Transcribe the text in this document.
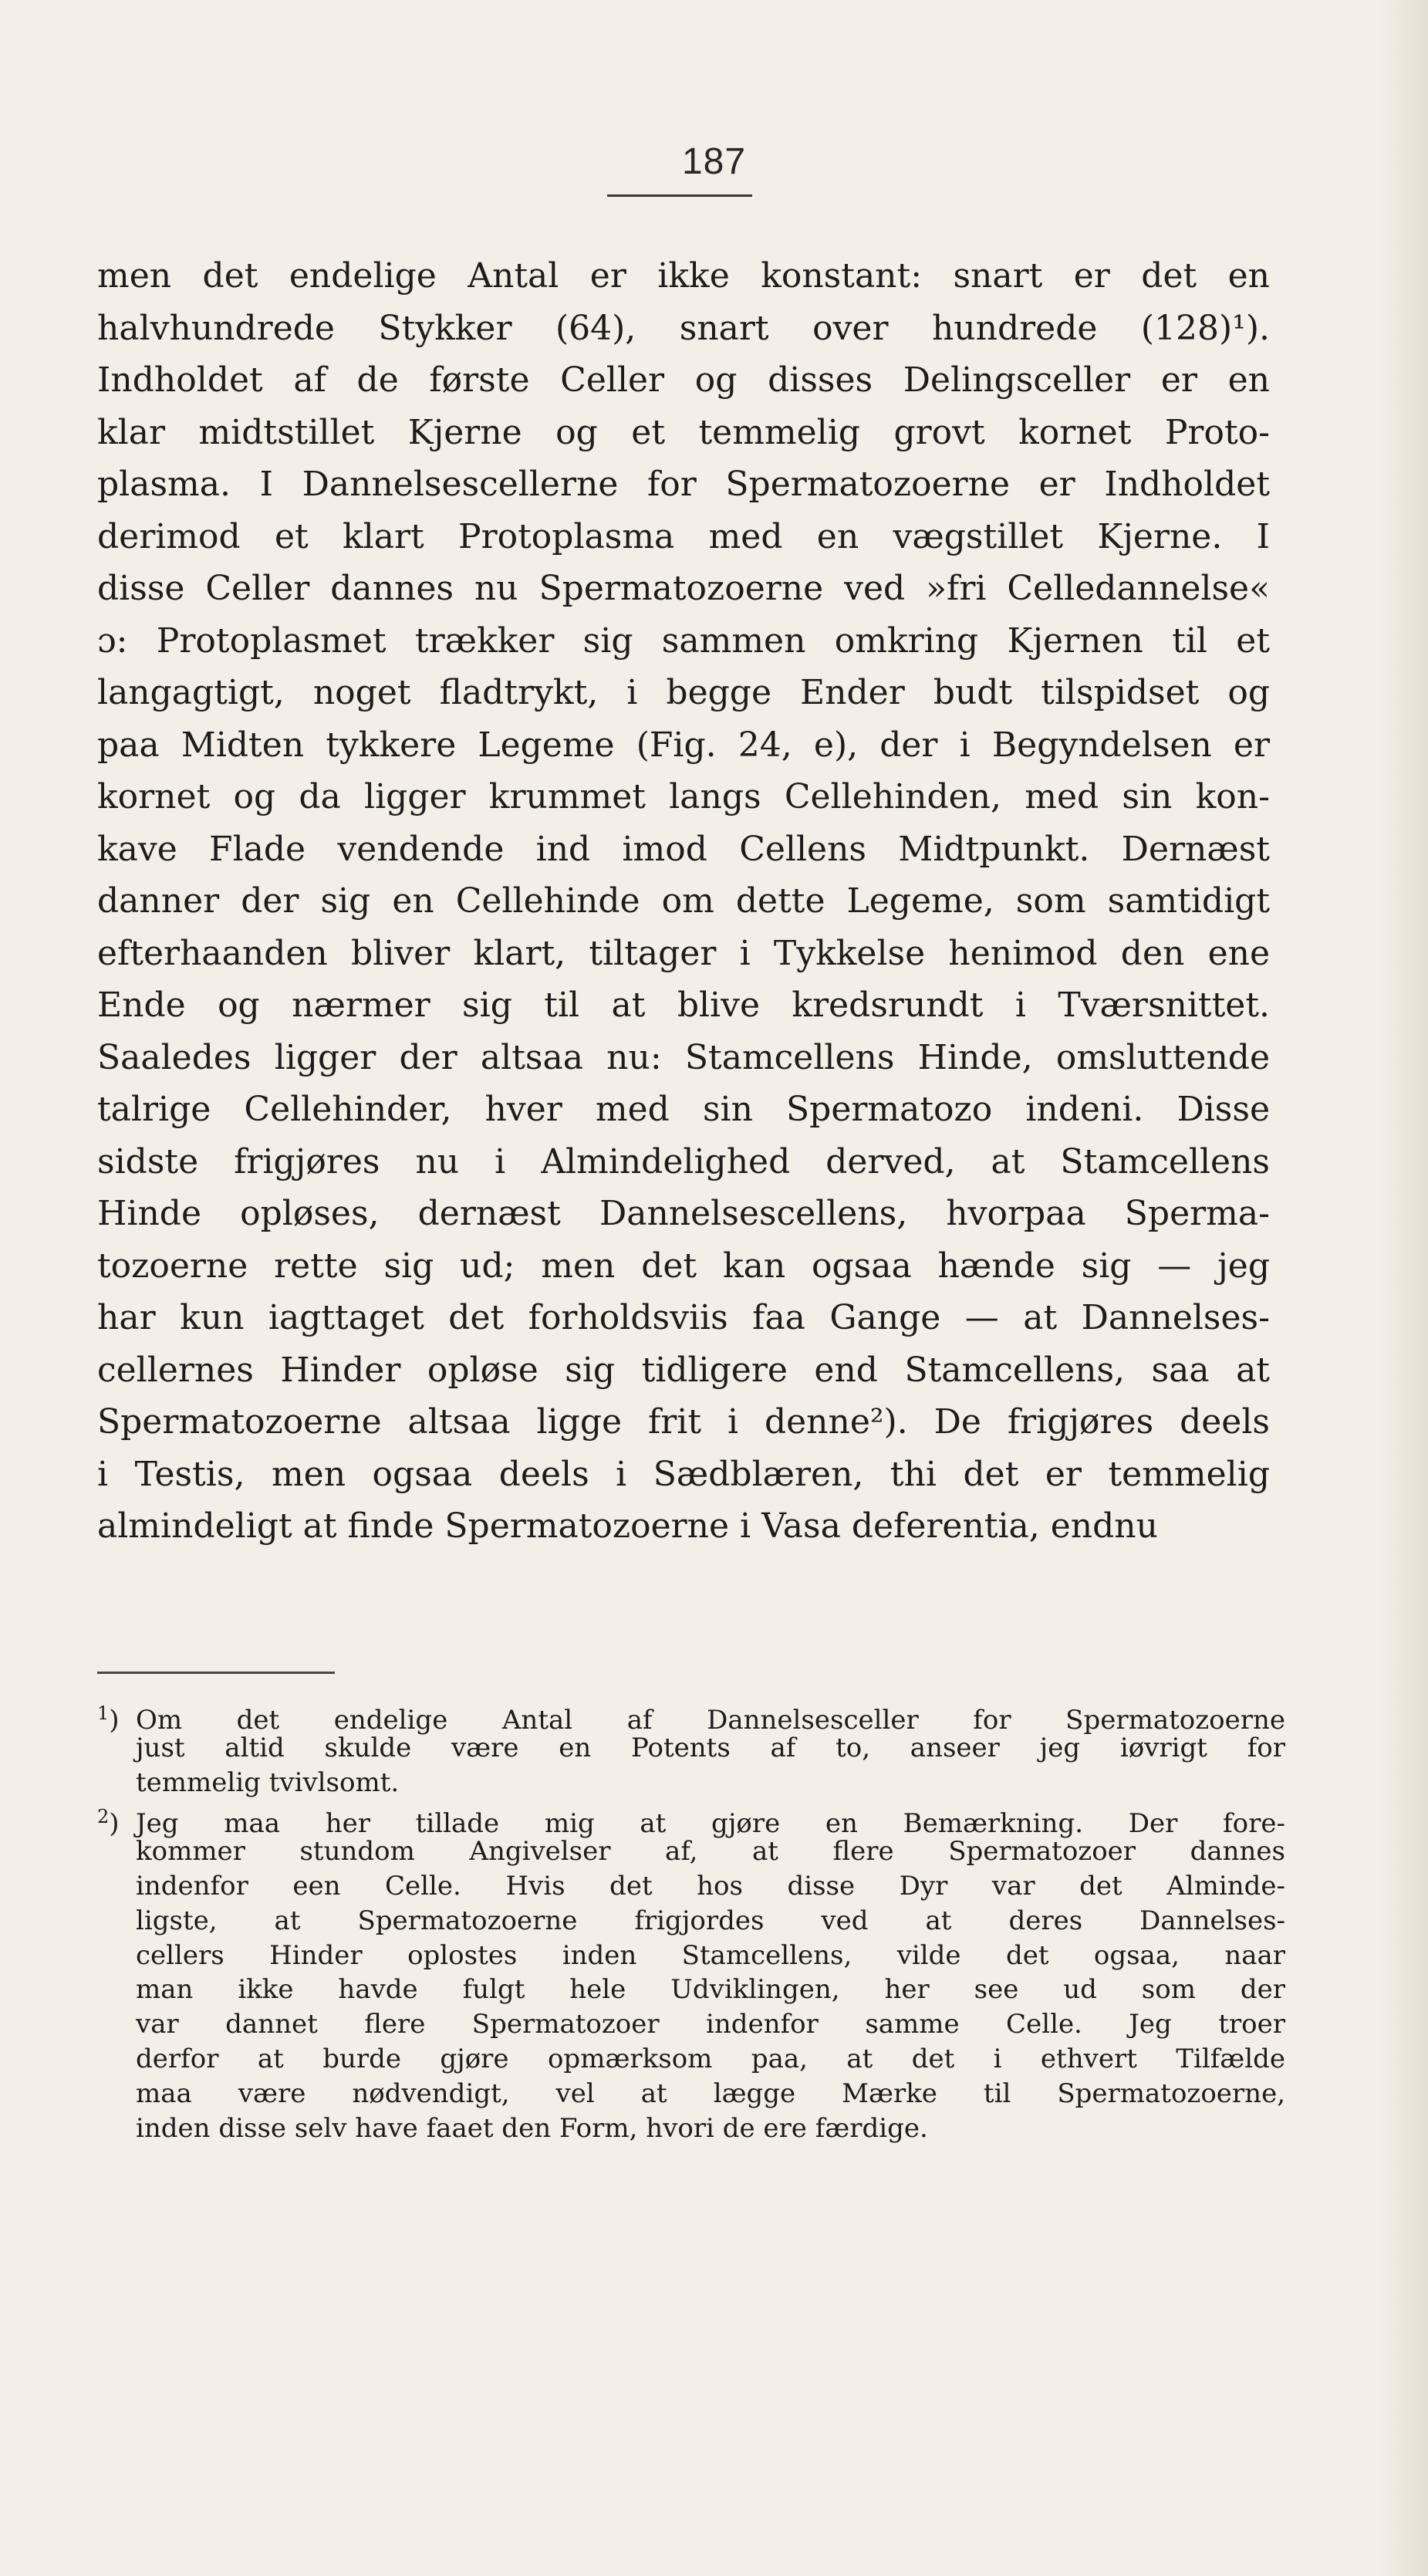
187
men det endelige Antal er ikke konstant: snart er det en
halvhundrede Stykker (64), snart over hundrede (128)¹).
Indholdet af de første Celler og disses Delingsceller er en
klar midtstillet Kjerne og et temmelig grovt kornet Proto-
plasma. I Dannelsescellerne for Spermatozoerne er Indholdet
derimod et klart Protoplasma med en vægstillet Kjerne. I
disse Celler dannes nu Spermatozoerne ved »fri Celledannelse«
ɔ: Protoplasmet trækker sig sammen omkring Kjernen til et
langagtigt, noget fladtrykt, i begge Ender budt tilspidset og
paa Midten tykkere Legeme (Fig. 24, e), der i Begyndelsen er
kornet og da ligger krummet langs Cellehinden, med sin kon-
kave Flade vendende ind imod Cellens Midtpunkt. Dernæst
danner der sig en Cellehinde om dette Legeme, som samtidigt
efterhaanden bliver klart, tiltager i Tykkelse henimod den ene
Ende og nærmer sig til at blive kredsrundt i Tværsnittet.
Saaledes ligger der altsaa nu: Stamcellens Hinde, omsluttende
talrige Cellehinder, hver med sin Spermatozo indeni. Disse
sidste frigjøres nu i Almindelighed derved, at Stamcellens
Hinde opløses, dernæst Dannelsescellens, hvorpaa Sperma-
tozoerne rette sig ud; men det kan ogsaa hænde sig — jeg
har kun iagttaget det forholdsviis faa Gange — at Dannelses-
cellernes Hinder opløse sig tidligere end Stamcellens, saa at
Spermatozoerne altsaa ligge frit i denne²). De frigjøres deels
i Testis, men ogsaa deels i Sædblæren, thi det er temmelig
almindeligt at finde Spermatozoerne i Vasa deferentia, endnu
$^1$) Om det endelige Antal af Dannelsesceller for Spermatozoerne
just altid skulde være en Potents af to, anseer jeg iøvrigt for
temmelig tvivlsomt.
$^2$) Jeg maa her tillade mig at gjøre en Bemærkning. Der fore-
kommer stundom Angivelser af, at flere Spermatozoer dannes
indenfor een Celle. Hvis det hos disse Dyr var det Alminde-
ligste, at Spermatozoerne frigjordes ved at deres Dannelses-
cellers Hinder oplostes inden Stamcellens, vilde det ogsaa, naar
man ikke havde fulgt hele Udviklingen, her see ud som der
var dannet flere Spermatozoer indenfor samme Celle. Jeg troer
derfor at burde gjøre opmærksom paa, at det i ethvert Tilfælde
maa være nødvendigt, vel at lægge Mærke til Spermatozoerne,
inden disse selv have faaet den Form, hvori de ere færdige.
